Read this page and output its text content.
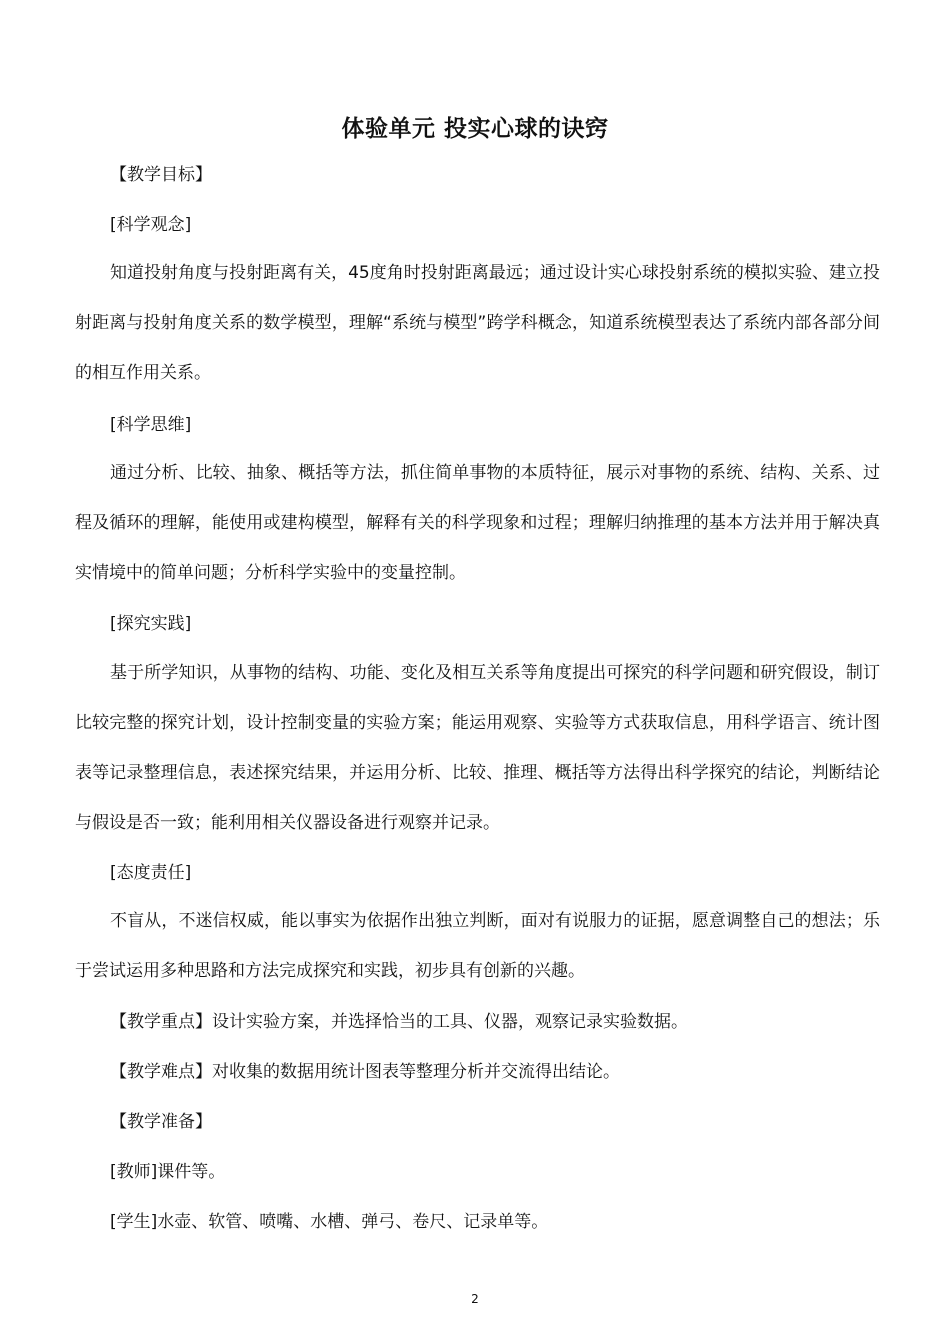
体验单元 投实心球的诀窍

【教学目标】

[科学观念]

知道投射角度与投射距离有关，45度角时投射距离最远；通过设计实心球投射系统的模拟实验、建立投射距离与投射角度关系的数学模型，理解“系统与模型”跨学科概念，知道系统模型表达了系统内部各部分间的相互作用关系。

[科学思维]

通过分析、比较、抽象、概括等方法，抓住简单事物的本质特征，展示对事物的系统、结构、关系、过程及循环的理解，能使用或建构模型，解释有关的科学现象和过程；理解归纳推理的基本方法并用于解决真实情境中的简单问题；分析科学实验中的变量控制。

[探究实践]

基于所学知识，从事物的结构、功能、变化及相互关系等角度提出可探究的科学问题和研究假设，制订比较完整的探究计划，设计控制变量的实验方案；能运用观察、实验等方式获取信息，用科学语言、统计图表等记录整理信息，表述探究结果，并运用分析、比较、推理、概括等方法得出科学探究的结论，判断结论与假设是否一致；能利用相关仪器设备进行观察并记录。

[态度责任]

不盲从，不迷信权威，能以事实为依据作出独立判断，面对有说服力的证据，愿意调整自己的想法；乐于尝试运用多种思路和方法完成探究和实践，初步具有创新的兴趣。

【教学重点】设计实验方案，并选择恰当的工具、仪器，观察记录实验数据。

【教学难点】对收集的数据用统计图表等整理分析并交流得出结论。

【教学准备】

[教师]课件等。

[学生]水壶、软管、喷嘴、水槽、弹弓、卷尺、记录单等。

2
